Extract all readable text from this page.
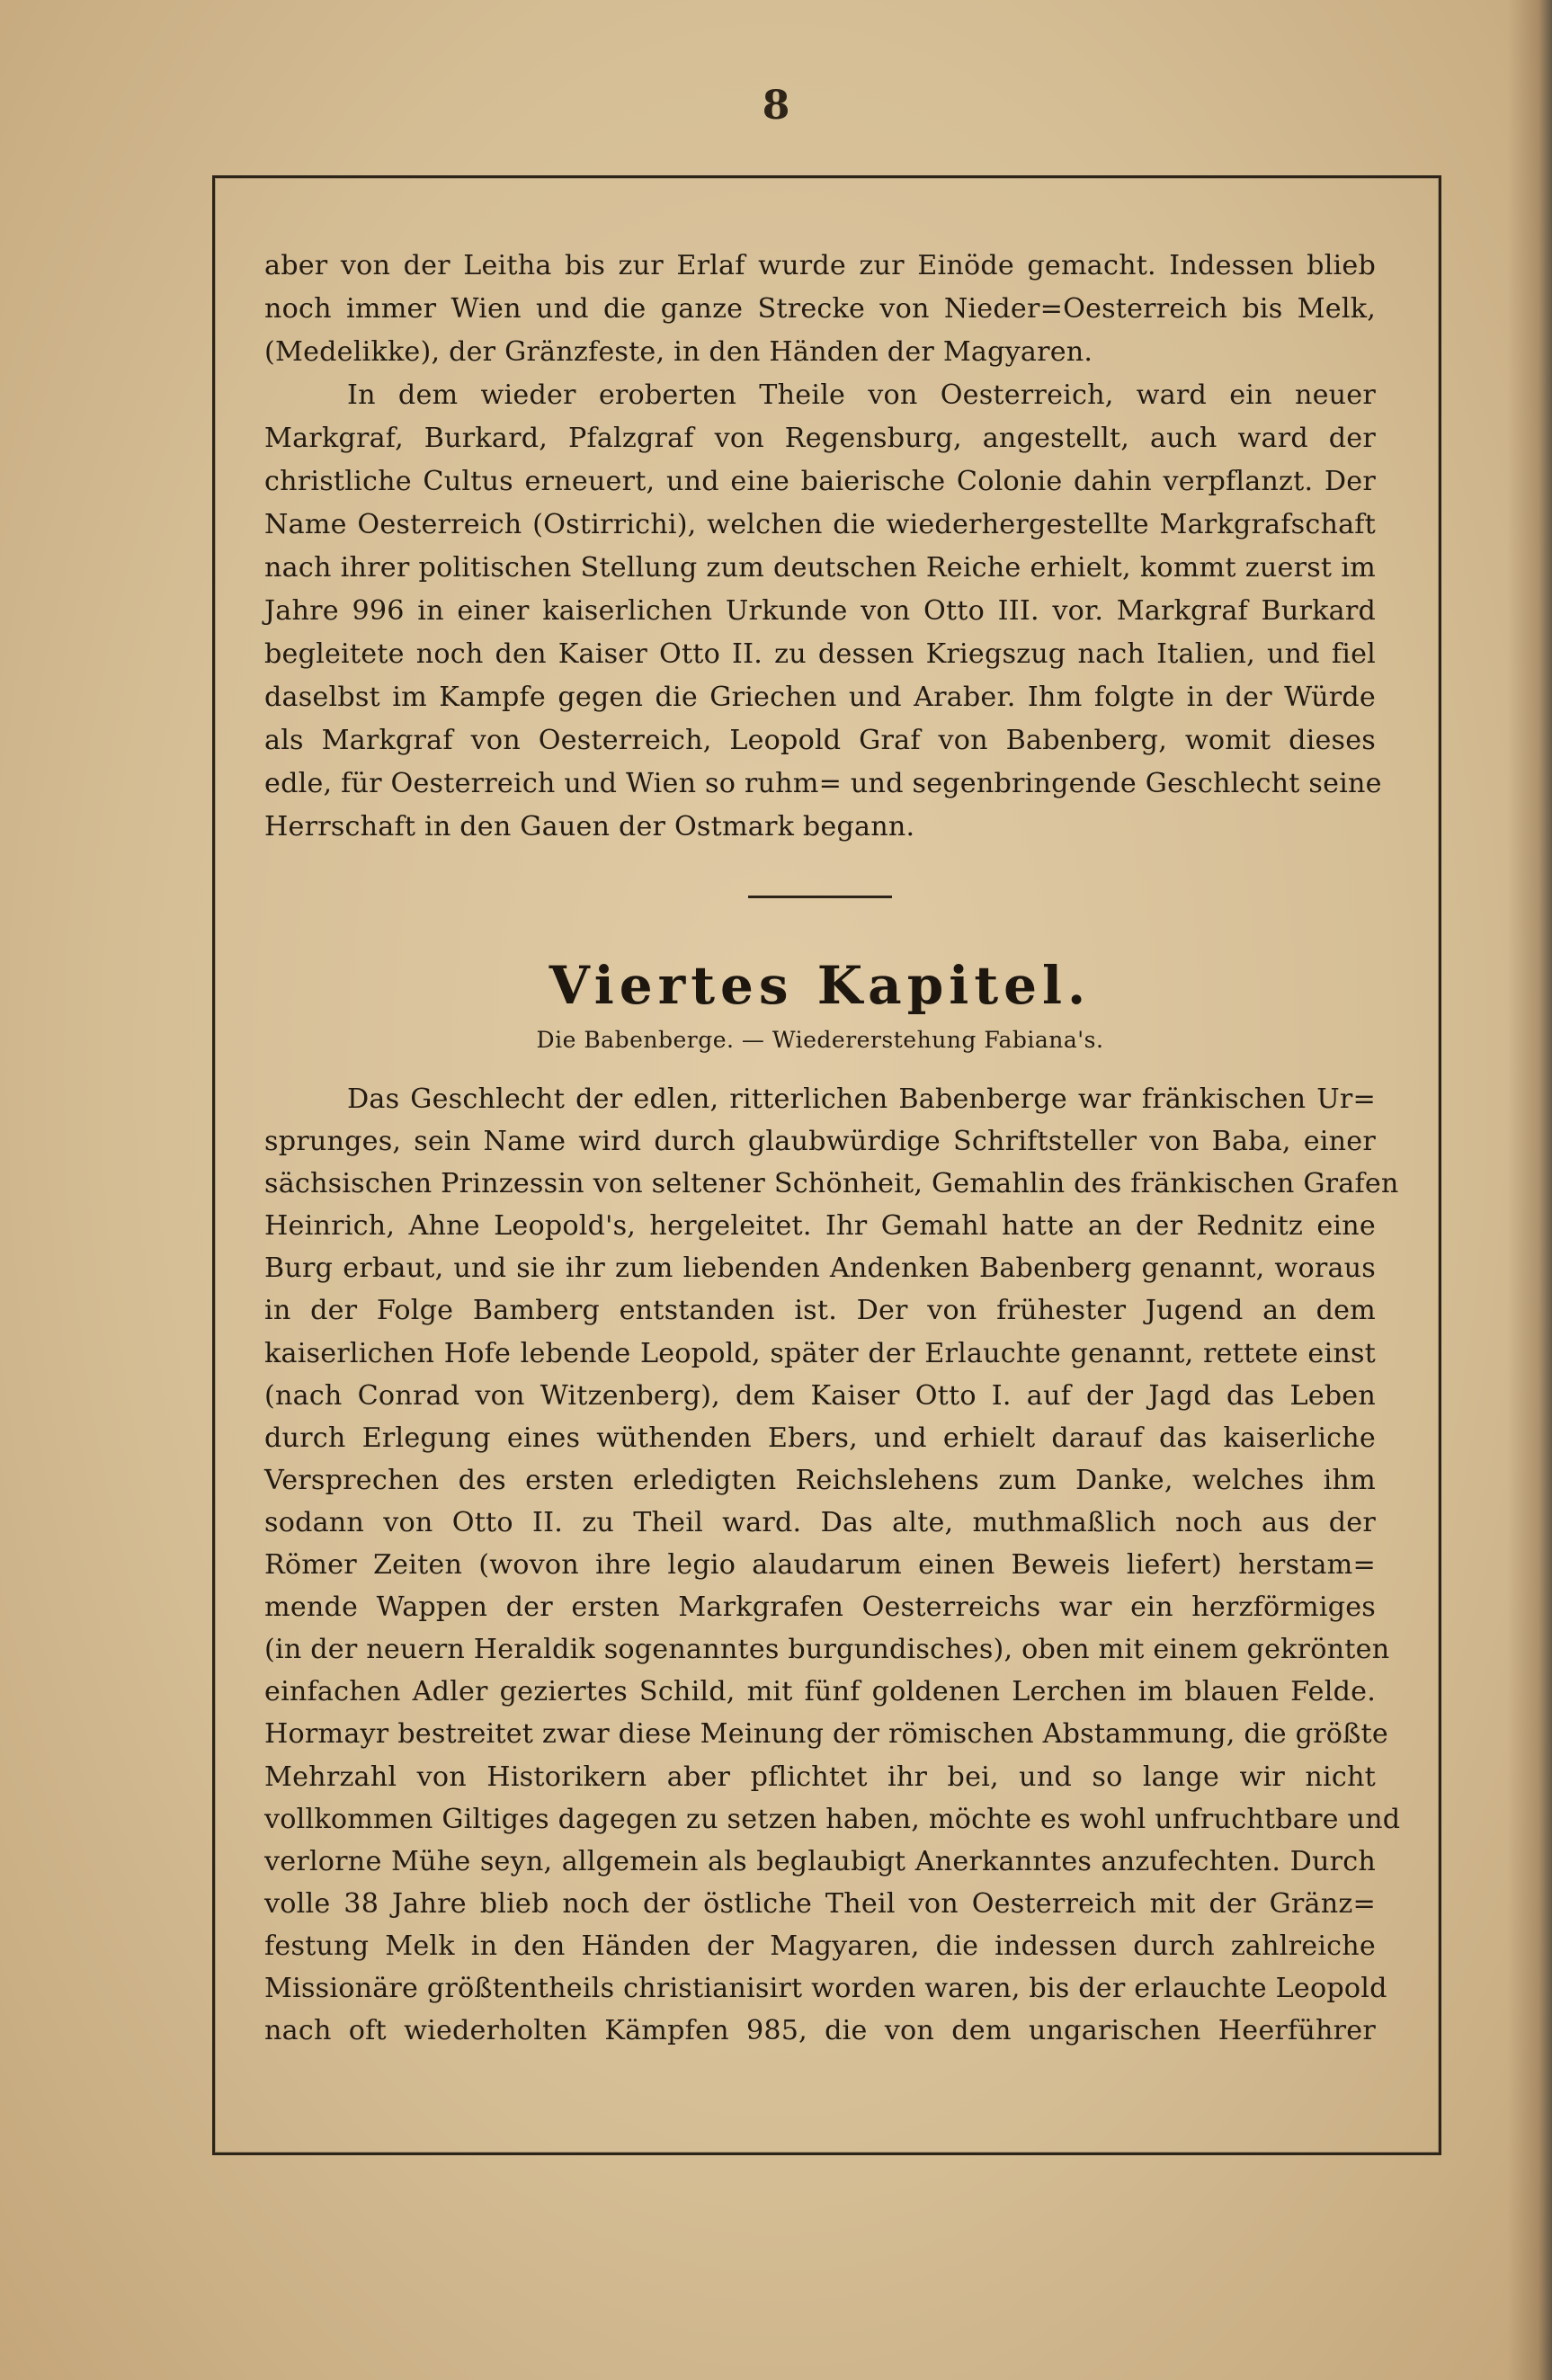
8
aber von der Leitha bis zur Erlaf wurde zur Einöde gemacht. Indessen blieb
noch immer Wien und die ganze Strecke von Nieder=Oesterreich bis Melk,
(Medelikke), der Gränzfeste, in den Händen der Magyaren.
In dem wieder eroberten Theile von Oesterreich, ward ein neuer
Markgraf, Burkard, Pfalzgraf von Regensburg, angestellt, auch ward der
christliche Cultus erneuert, und eine baierische Colonie dahin verpflanzt. Der
Name Oesterreich (Ostirrichi), welchen die wiederhergestellte Markgrafschaft
nach ihrer politischen Stellung zum deutschen Reiche erhielt, kommt zuerst im
Jahre 996 in einer kaiserlichen Urkunde von Otto III. vor. Markgraf Burkard
begleitete noch den Kaiser Otto II. zu dessen Kriegszug nach Italien, und fiel
daselbst im Kampfe gegen die Griechen und Araber. Ihm folgte in der Würde
als Markgraf von Oesterreich, Leopold Graf von Babenberg, womit dieses
edle, für Oesterreich und Wien so ruhm= und segenbringende Geschlecht seine
Herrschaft in den Gauen der Ostmark begann.
Viertes Kapitel.
Die Babenberge. — Wiedererstehung Fabiana's.
Das Geschlecht der edlen, ritterlichen Babenberge war fränkischen Ur=
sprunges, sein Name wird durch glaubwürdige Schriftsteller von Baba, einer
sächsischen Prinzessin von seltener Schönheit, Gemahlin des fränkischen Grafen
Heinrich, Ahne Leopold's, hergeleitet. Ihr Gemahl hatte an der Rednitz eine
Burg erbaut, und sie ihr zum liebenden Andenken Babenberg genannt, woraus
in der Folge Bamberg entstanden ist. Der von frühester Jugend an dem
kaiserlichen Hofe lebende Leopold, später der Erlauchte genannt, rettete einst
(nach Conrad von Witzenberg), dem Kaiser Otto I. auf der Jagd das Leben
durch Erlegung eines wüthenden Ebers, und erhielt darauf das kaiserliche
Versprechen des ersten erledigten Reichslehens zum Danke, welches ihm
sodann von Otto II. zu Theil ward. Das alte, muthmaßlich noch aus der
Römer Zeiten (wovon ihre legio alaudarum einen Beweis liefert) herstam=
mende Wappen der ersten Markgrafen Oesterreichs war ein herzförmiges
(in der neuern Heraldik sogenanntes burgundisches), oben mit einem gekrönten
einfachen Adler geziertes Schild, mit fünf goldenen Lerchen im blauen Felde.
Hormayr bestreitet zwar diese Meinung der römischen Abstammung, die größte
Mehrzahl von Historikern aber pflichtet ihr bei, und so lange wir nicht
vollkommen Giltiges dagegen zu setzen haben, möchte es wohl unfruchtbare und
verlorne Mühe seyn, allgemein als beglaubigt Anerkanntes anzufechten. Durch
volle 38 Jahre blieb noch der östliche Theil von Oesterreich mit der Gränz=
festung Melk in den Händen der Magyaren, die indessen durch zahlreiche
Missionäre größtentheils christianisirt worden waren, bis der erlauchte Leopold
nach oft wiederholten Kämpfen 985, die von dem ungarischen Heerführer
